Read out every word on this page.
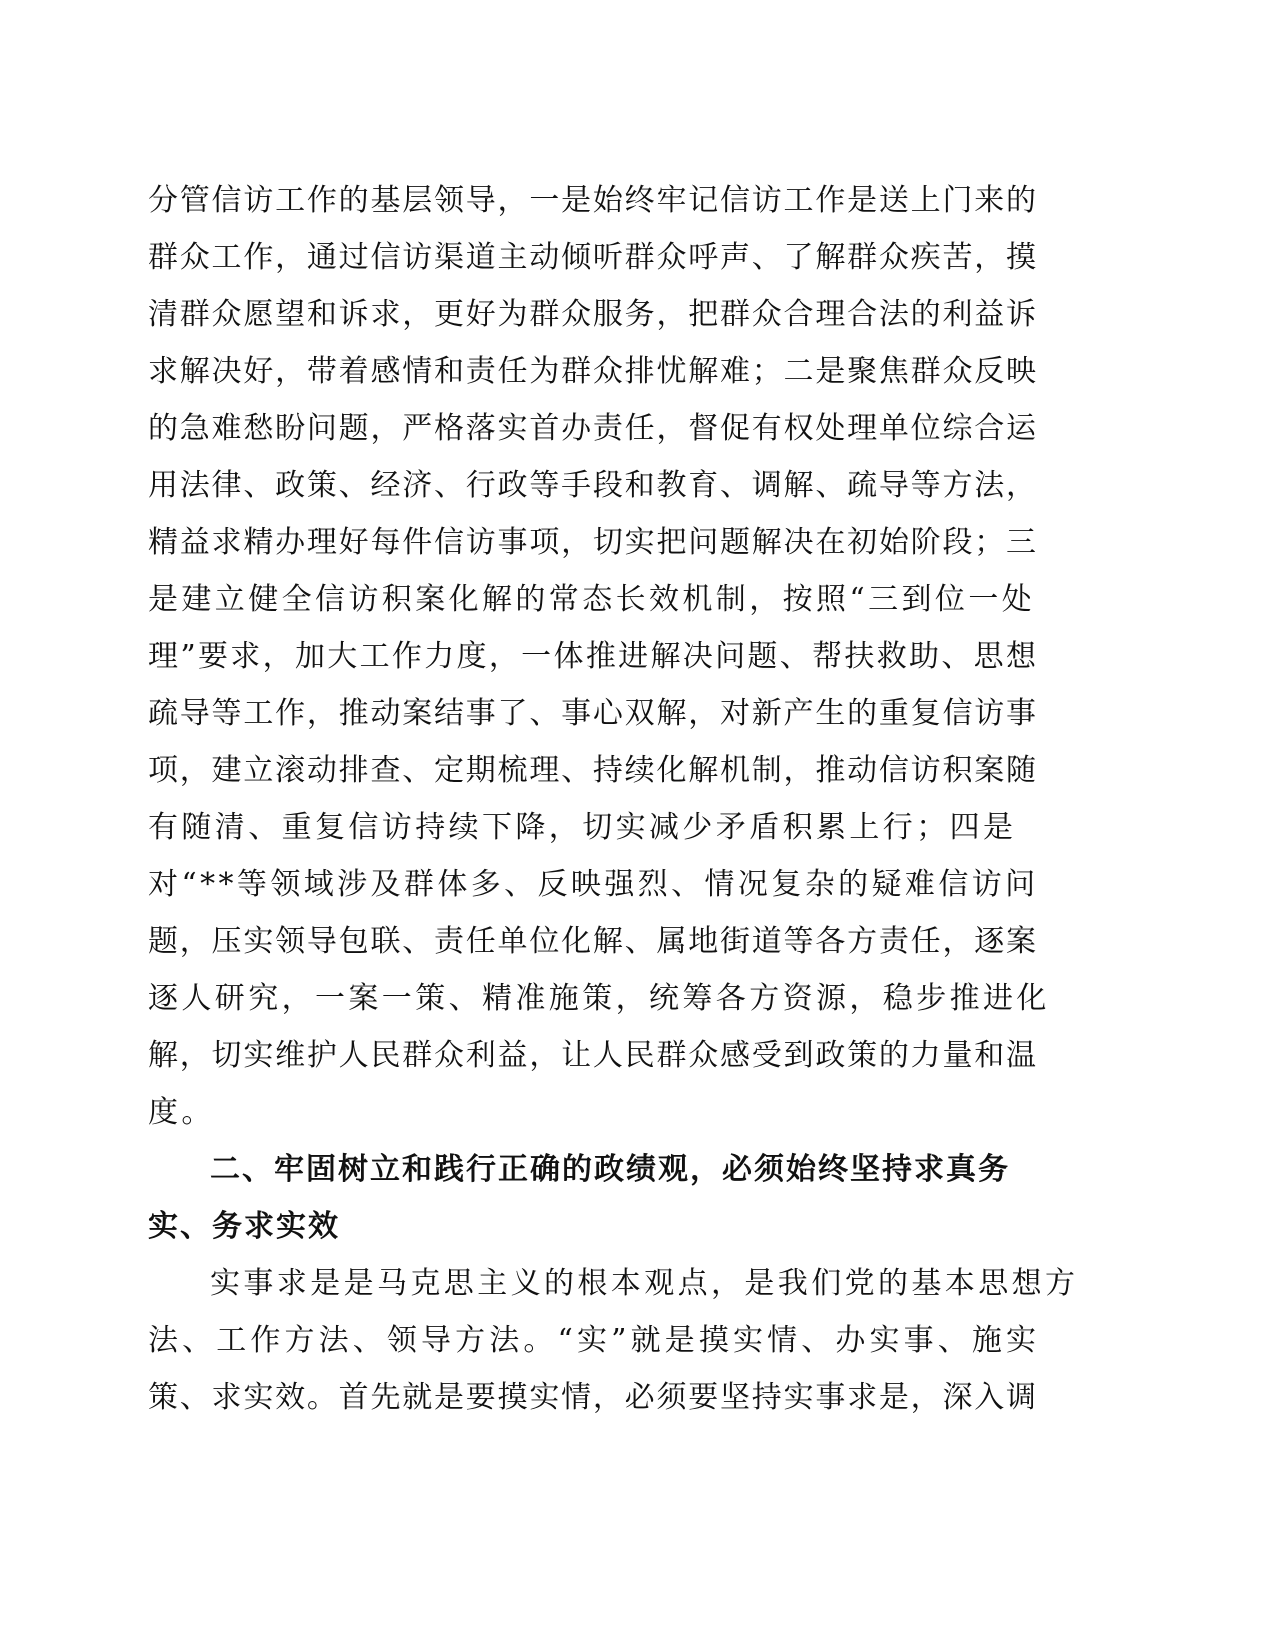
分管信访工作的基层领导，一是始终牢记信访工作是送上门来的
群众工作，通过信访渠道主动倾听群众呼声、了解群众疾苦，摸
清群众愿望和诉求，更好为群众服务，把群众合理合法的利益诉
求解决好，带着感情和责任为群众排忧解难；二是聚焦群众反映
的急难愁盼问题，严格落实首办责任，督促有权处理单位综合运
用法律、政策、经济、行政等手段和教育、调解、疏导等方法，
精益求精办理好每件信访事项，切实把问题解决在初始阶段；三
是建立健全信访积案化解的常态长效机制，按照“三到位一处
理”要求，加大工作力度，一体推进解决问题、帮扶救助、思想
疏导等工作，推动案结事了、事心双解，对新产生的重复信访事
项，建立滚动排查、定期梳理、持续化解机制，推动信访积案随
有随清、重复信访持续下降，切实减少矛盾积累上行；四是
对“**等领域涉及群体多、反映强烈、情况复杂的疑难信访问
题，压实领导包联、责任单位化解、属地街道等各方责任，逐案
逐人研究，一案一策、精准施策，统筹各方资源，稳步推进化
解，切实维护人民群众利益，让人民群众感受到政策的力量和温
度。
二、牢固树立和践行正确的政绩观，必须始终坚持求真务
实、务求实效
实事求是是马克思主义的根本观点，是我们党的基本思想方
法、工作方法、领导方法。“实”就是摸实情、办实事、施实
策、求实效。首先就是要摸实情，必须要坚持实事求是，深入调
